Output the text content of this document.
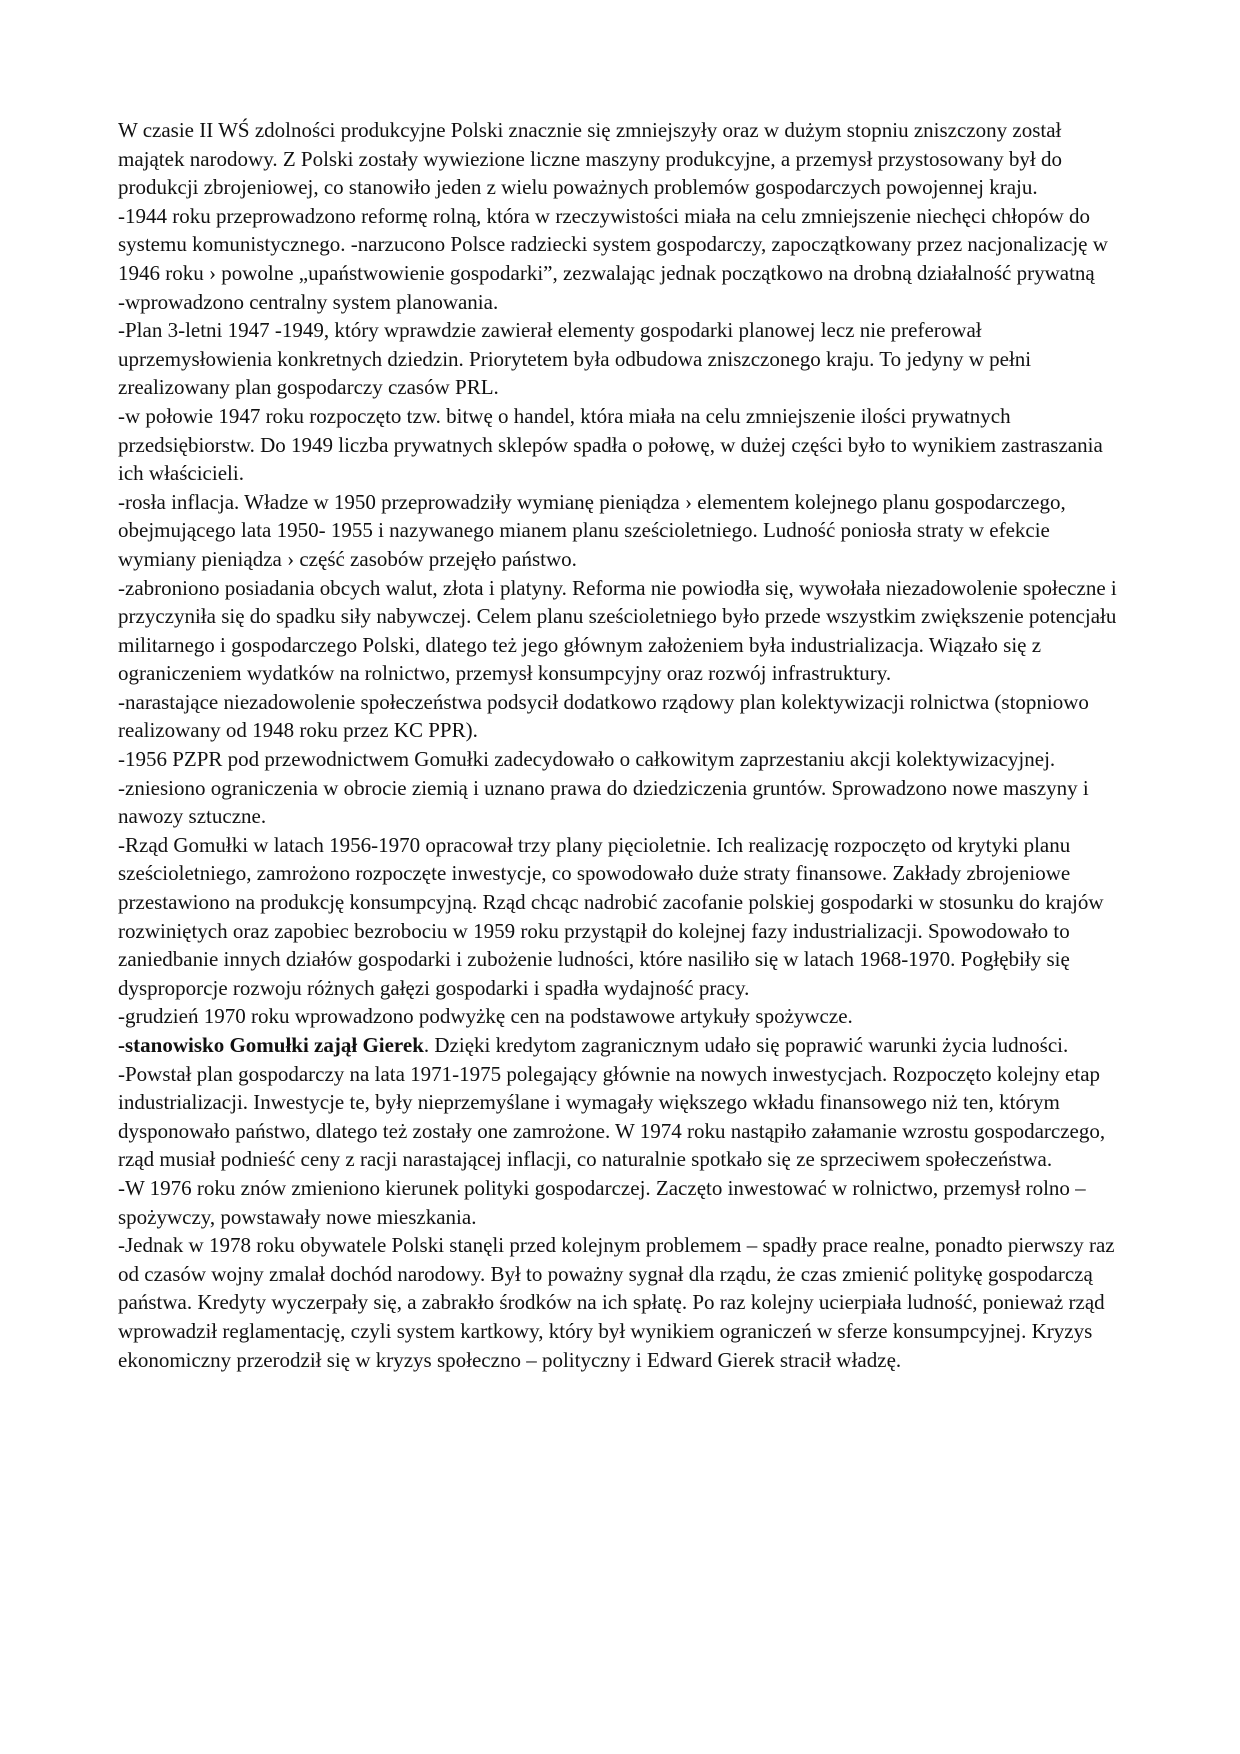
W czasie II WŚ zdolności produkcyjne Polski znacznie się zmniejszyły oraz w dużym stopniu zniszczony został majątek narodowy. Z Polski zostały wywiezione liczne maszyny produkcyjne, a przemysł przystosowany był do produkcji zbrojeniowej, co stanowiło jeden z wielu poważnych problemów gospodarczych powojennej kraju.

-1944 roku przeprowadzono reformę rolną, która w rzeczywistości miała na celu zmniejszenie niechęci chłopów do systemu komunistycznego. -narzucono Polsce radziecki system gospodarczy, zapoczątkowany przez nacjonalizację w 1946 roku › powolne „upaństwowienie gospodarki”, zezwalając jednak początkowo na drobną działalność prywatną

-wprowadzono centralny system planowania.

-Plan 3-letni 1947 -1949, który wprawdzie zawierał elementy gospodarki planowej lecz nie preferował uprzemysłowienia konkretnych dziedzin. Priorytetem była odbudowa zniszczonego kraju. To jedyny w pełni zrealizowany plan gospodarczy czasów PRL.

-w połowie 1947 roku rozpoczęto tzw. bitwę o handel, która miała na celu zmniejszenie ilości prywatnych przedsiębiorstw. Do 1949 liczba prywatnych sklepów spadła o połowę, w dużej części było to wynikiem zastraszania ich właścicieli.

-rosła inflacja. Władze w 1950 przeprowadziły wymianę pieniądza › elementem kolejnego planu gospodarczego, obejmującego lata 1950- 1955 i nazywanego mianem planu sześcioletniego. Ludność poniosła straty w efekcie wymiany pieniądza › część zasobów przejęło państwo.

-zabroniono posiadania obcych walut, złota i platyny. Reforma nie powiodła się, wywołała niezadowolenie społeczne i przyczyniła się do spadku siły nabywczej. Celem planu sześcioletniego było przede wszystkim zwiększenie potencjału militarnego i gospodarczego Polski, dlatego też jego głównym założeniem była industrializacja. Wiązało się z ograniczeniem wydatków na rolnictwo, przemysł konsumpcyjny oraz rozwój infrastruktury.

-narastające niezadowolenie społeczeństwa podsycił dodatkowo rządowy plan kolektywizacji rolnictwa (stopniowo realizowany od 1948 roku przez KC PPR).

-1956 PZPR pod przewodnictwem Gomułki zadecydowało o całkowitym zaprzestaniu akcji kolektywizacyjnej.

-zniesiono ograniczenia w obrocie ziemią i uznano prawa do dziedziczenia gruntów. Sprowadzono nowe maszyny i nawozy sztuczne.

-Rząd Gomułki w latach 1956-1970 opracował trzy plany pięcioletnie. Ich realizację rozpoczęto od krytyki planu sześcioletniego, zamrożono rozpoczęte inwestycje, co spowodowało duże straty finansowe. Zakłady zbrojeniowe przestawiono na produkcję konsumpcyjną. Rząd chcąc nadrobić zacofanie polskiej gospodarki w stosunku do krajów rozwiniętych oraz zapobiec bezrobociu w 1959 roku przystąpił do kolejnej fazy industrializacji. Spowodowało to zaniedbanie innych działów gospodarki i zubożenie ludności, które nasiliło się w latach 1968-1970. Pogłębiły się dysproporcje rozwoju różnych gałęzi gospodarki i spadła wydajność pracy.

-grudzień 1970 roku wprowadzono podwyżkę cen na podstawowe artykuły spożywcze.

-stanowisko Gomułki zajął Gierek. Dzięki kredytom zagranicznym udało się poprawić warunki życia ludności.

-Powstał plan gospodarczy na lata 1971-1975 polegający głównie na nowych inwestycjach. Rozpoczęto kolejny etap industrializacji. Inwestycje te, były nieprzemyślane i wymagały większego wkładu finansowego niż ten, którym dysponowało państwo, dlatego też zostały one zamrożone. W 1974 roku nastąpiło załamanie wzrostu gospodarczego, rząd musiał podnieść ceny z racji narastającej inflacji, co naturalnie spotkało się ze sprzeciwem społeczeństwa.

-W 1976 roku znów zmieniono kierunek polityki gospodarczej. Zaczęto inwestować w rolnictwo, przemysł rolno – spożywczy, powstawały nowe mieszkania.

-Jednak w 1978 roku obywatele Polski stanęli przed kolejnym problemem – spadły prace realne, ponadto pierwszy raz od czasów wojny zmalał dochód narodowy. Był to poważny sygnał dla rządu, że czas zmienić politykę gospodarczą państwa. Kredyty wyczerpały się, a zabrakło środków na ich spłatę. Po raz kolejny ucierpiała ludność, ponieważ rząd wprowadził reglamentację, czyli system kartkowy, który był wynikiem ograniczeń w sferze konsumpcyjnej. Kryzys ekonomiczny przerodził się w kryzys społeczno – polityczny i Edward Gierek stracił władzę.
